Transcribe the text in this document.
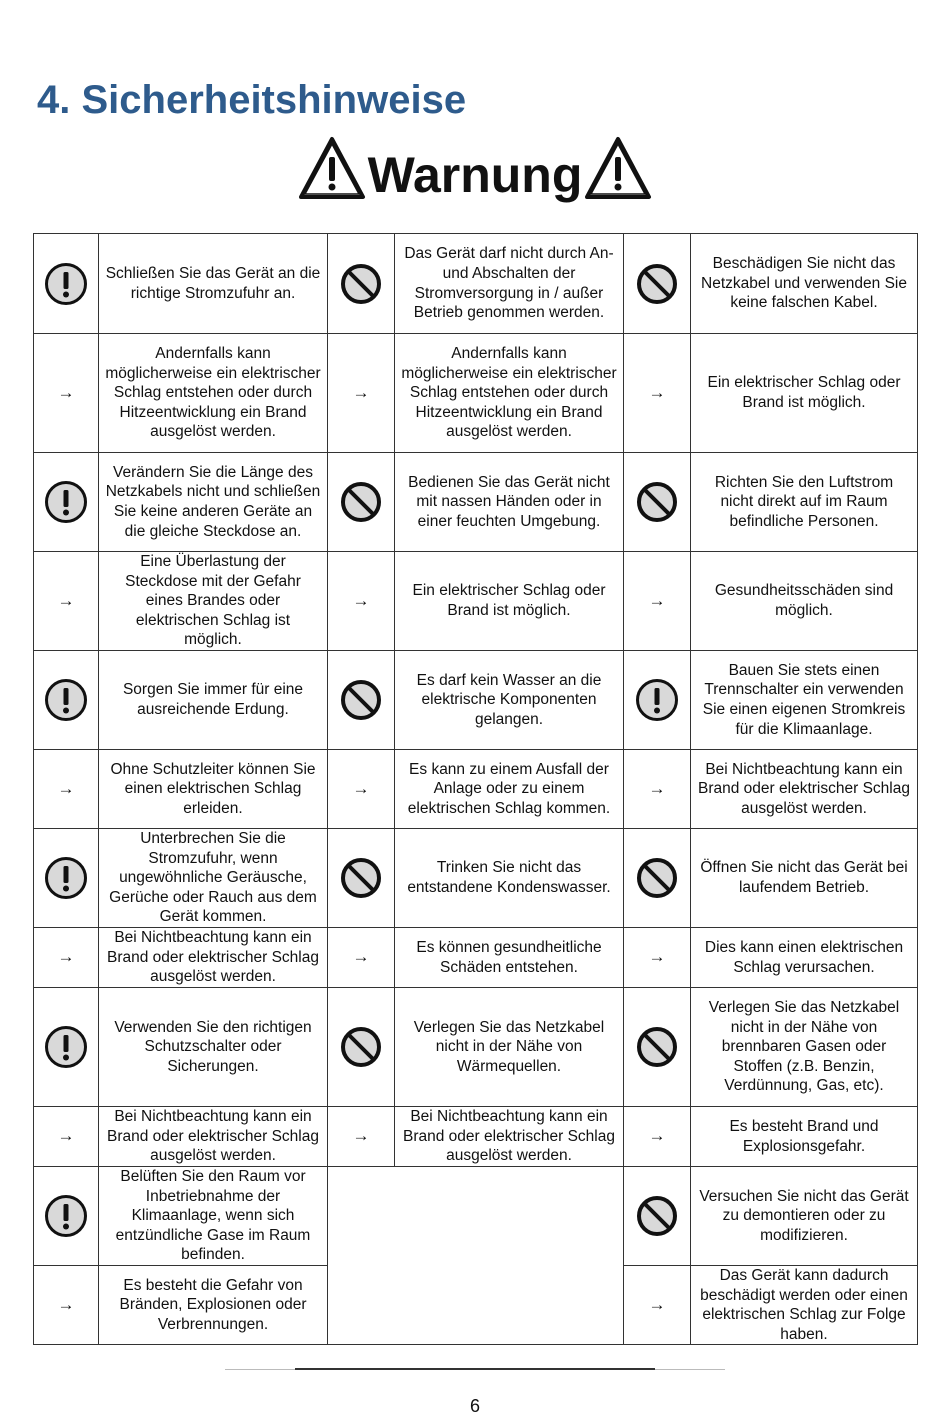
4. Sicherheitshinweise
Warnung
	Schließen Sie das Gerät an die richtige Stromzufuhr an.		Das Gerät darf nicht durch An- und Abschalten der Stromversorgung in / außer Betrieb genommen werden.		Beschädigen Sie nicht das Netzkabel und verwenden Sie keine falschen Kabel.
→	Andernfalls kann möglicherweise ein elektrischer Schlag entstehen oder durch Hitzeentwicklung ein Brand ausgelöst werden.	→	Andernfalls kann möglicherweise ein elektrischer Schlag entstehen oder durch Hitzeentwicklung ein Brand ausgelöst werden.	→	Ein elektrischer Schlag oder Brand ist möglich.

	Verändern Sie die Länge des Netzkabels nicht und schließen Sie keine anderen Geräte an die gleiche Steckdose an.		Bedienen Sie das Gerät nicht mit nassen Händen oder in einer feuchten Umgebung.		Richten Sie den Luftstrom nicht direkt auf im Raum befindliche Personen.
→	Eine Überlastung der Steckdose mit der Gefahr eines Brandes oder elektrischen Schlag ist möglich.	→	Ein elektrischer Schlag oder Brand ist möglich.	→	Gesundheitsschäden sind möglich.

	Sorgen Sie immer für eine ausreichende Erdung.		Es darf kein Wasser an die elektrische Komponenten gelangen.		Bauen Sie stets einen Trennschalter ein verwenden Sie einen eigenen Stromkreis für die Klimaanlage.
→	Ohne Schutzleiter können Sie einen elektrischen Schlag erleiden.	→	Es kann zu einem Ausfall der Anlage oder zu einem elektrischen Schlag kommen.	→	Bei Nichtbeachtung kann ein Brand oder elektrischer Schlag ausgelöst werden.

	Unterbrechen Sie die Stromzufuhr, wenn ungewöhnliche Geräusche, Gerüche oder Rauch aus dem Gerät kommen.		Trinken Sie nicht das entstandene Kondenswasser.		Öffnen Sie nicht das Gerät bei laufendem Betrieb.
→	Bei Nichtbeachtung kann ein Brand oder elektrischer Schlag ausgelöst werden.	→	Es können gesundheitliche Schäden entstehen.	→	Dies kann einen elektrischen Schlag verursachen.

	Verwenden Sie den richtigen Schutzschalter oder Sicherungen.		Verlegen Sie das Netzkabel nicht in der Nähe von Wärmequellen.		Verlegen Sie das Netzkabel nicht in der Nähe von brennbaren Gasen oder Stoffen (z.B. Benzin, Verdünnung, Gas, etc).
→	Bei Nichtbeachtung kann ein Brand oder elektrischer Schlag ausgelöst werden.	→	Bei Nichtbeachtung kann ein Brand oder elektrischer Schlag ausgelöst werden.	→	Es besteht Brand und Explosionsgefahr.

	Belüften Sie den Raum vor Inbetriebnahme der Klimaanlage, wenn sich entzündliche Gase im Raum befinden.				Versuchen Sie nicht das Gerät zu demontieren oder zu modifizieren.
→	Es besteht die Gefahr von Bränden, Explosionen oder Verbrennungen.			→	Das Gerät kann dadurch beschädigt werden oder einen elektrischen Schlag zur Folge haben.
6
